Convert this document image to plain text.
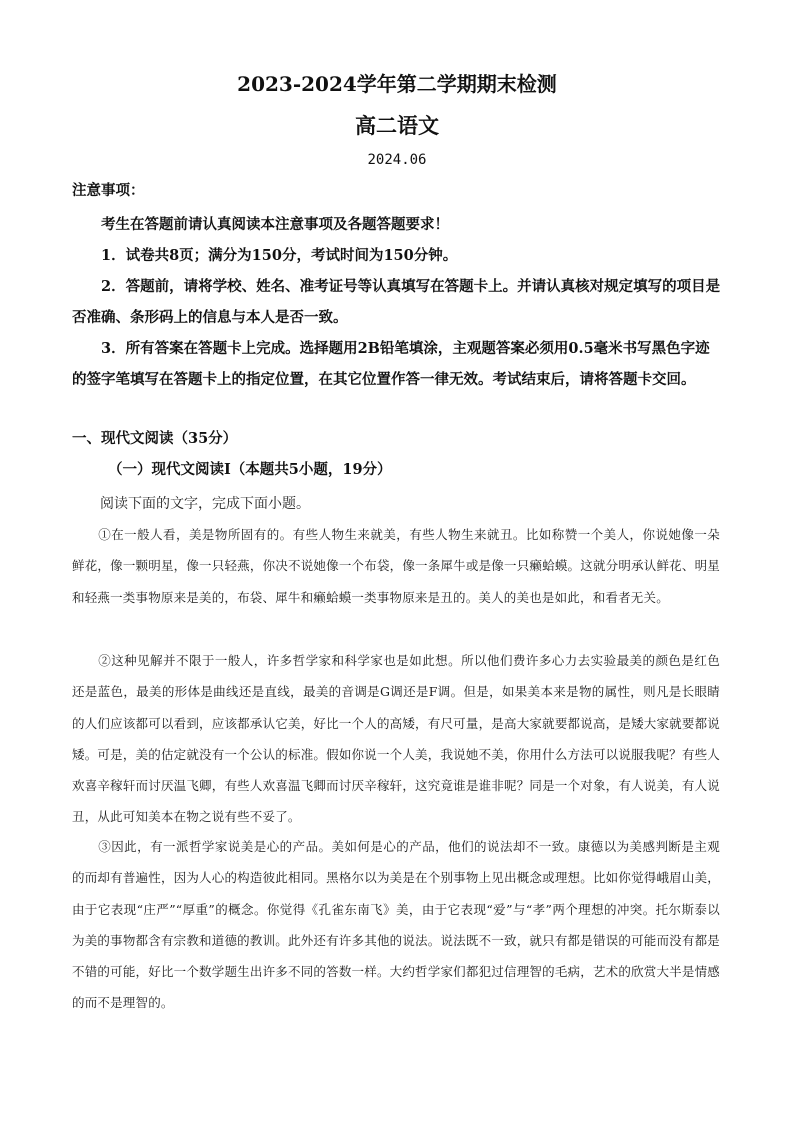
2023-2024学年第二学期期末检测
高二语文

2024.06

注意事项：

考生在答题前请认真阅读本注意事项及各题答题要求！

1．试卷共8页；满分为150分，考试时间为150分钟。

2．答题前，请将学校、姓名、准考证号等认真填写在答题卡上。并请认真核对规定填写的项目是否准确、条形码上的信息与本人是否一致。

3．所有答案在答题卡上完成。选择题用2B铅笔填涂，主观题答案必须用0.5毫米书写黑色字迹的签字笔填写在答题卡上的指定位置，在其它位置作答一律无效。考试结束后，请将答题卡交回。

一、现代文阅读（35分）

（一）现代文阅读Ⅰ（本题共5小题，19分）

阅读下面的文字，完成下面小题。

①在一般人看，美是物所固有的。有些人物生来就美，有些人物生来就丑。比如称赞一个美人，你说她像一朵鲜花，像一颗明星，像一只轻燕，你决不说她像一个布袋，像一条犀牛或是像一只癞蛤蟆。这就分明承认鲜花、明星和轻燕一类事物原来是美的，布袋、犀牛和癞蛤蟆一类事物原来是丑的。美人的美也是如此，和看者无关。

②这种见解并不限于一般人，许多哲学家和科学家也是如此想。所以他们费许多心力去实验最美的颜色是红色还是蓝色，最美的形体是曲线还是直线，最美的音调是G调还是F调。但是，如果美本来是物的属性，则凡是长眼睛的人们应该都可以看到，应该都承认它美，好比一个人的高矮，有尺可量，是高大家就要都说高，是矮大家就要都说矮。可是，美的估定就没有一个公认的标准。假如你说一个人美，我说她不美，你用什么方法可以说服我呢？有些人欢喜辛稼轩而讨厌温飞卿，有些人欢喜温飞卿而讨厌辛稼轩，这究竟谁是谁非呢？同是一个对象，有人说美，有人说丑，从此可知美本在物之说有些不妥了。

③因此，有一派哲学家说美是心的产品。美如何是心的产品，他们的说法却不一致。康德以为美感判断是主观的而却有普遍性，因为人心的构造彼此相同。黑格尔以为美是在个别事物上见出概念或理想。比如你觉得峨眉山美，由于它表现“庄严”“厚重”的概念。你觉得《孔雀东南飞》美，由于它表现“爱”与“孝”两个理想的冲突。托尔斯泰以为美的事物都含有宗教和道德的教训。此外还有许多其他的说法。说法既不一致，就只有都是错误的可能而没有都是不错的可能，好比一个数学题生出许多不同的答数一样。大约哲学家们都犯过信理智的毛病，艺术的欣赏大半是情感的而不是理智的。
